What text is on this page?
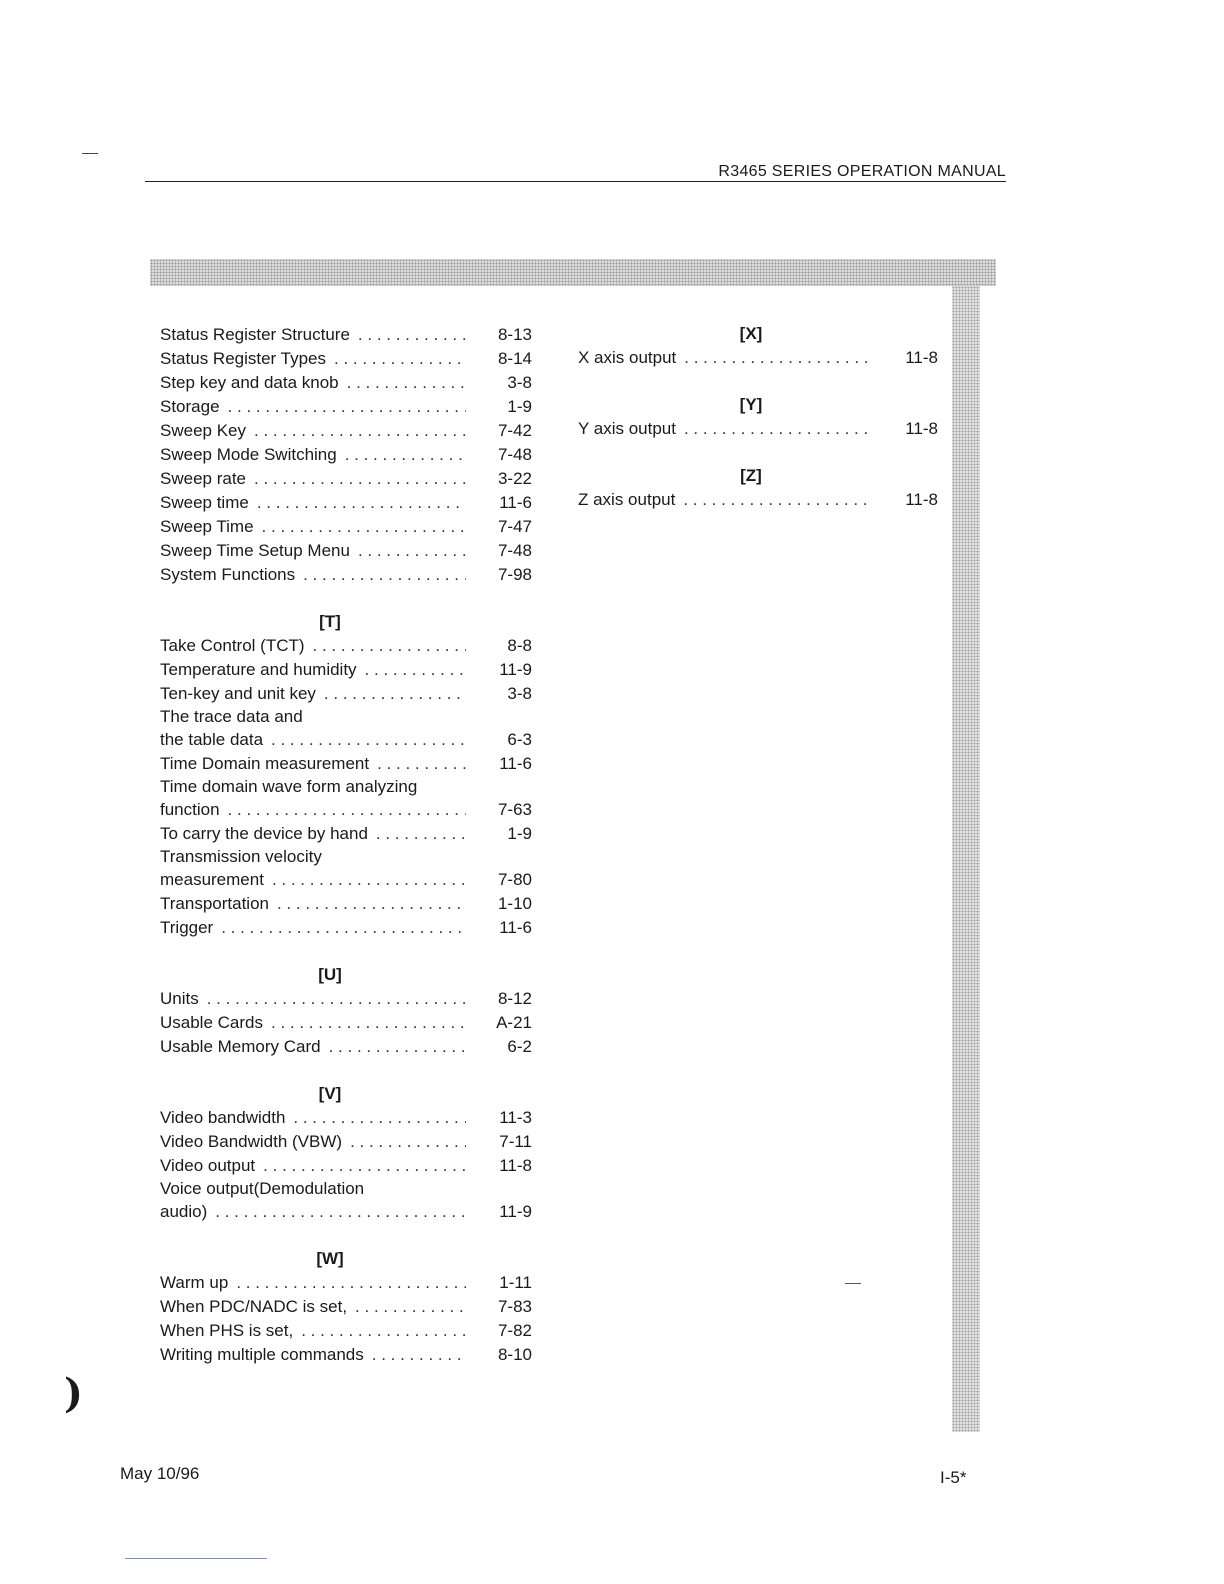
R3465 SERIES OPERATION MANUAL
)
Status Register Structure . . .	8-13
Status Register Types . . .	8-14
Step key and data knob . . .	3-8
Storage . . .	1-9
Sweep Key . . .	7-42
Sweep Mode Switching . . .	7-48
Sweep rate . . .	3-22
Sweep time . . .	11-6
Sweep Time . . .	7-47
Sweep Time Setup Menu . . .	7-48
System Functions . . .	7-98
[T]
Take Control (TCT) . . .	8-8
Temperature and humidity . . .	11-9
Ten-key and unit key . . .	3-8
The trace data and
the table data . . .	6-3
Time Domain measurement . . .	11-6
Time domain wave form analyzing
function . . .	7-63
To carry the device by hand . . .	1-9
Transmission velocity
measurement . . .	7-80
Transportation . . .	1-10
Trigger . . .	11-6
[U]
Units . . .	8-12
Usable Cards . . .	A-21
Usable Memory Card . . .	6-2
[V]
Video bandwidth . . .	11-3
Video Bandwidth (VBW) . . .	7-11
Video output . . .	11-8
Voice output(Demodulation
audio) . . .	11-9
[W]
Warm up . . .	1-11
When PDC/NADC is set, . . .	7-83
When PHS is set, . . .	7-82
Writing multiple commands . . .	8-10
[X]
X axis output . . .	11-8
[Y]
Y axis output . . .	11-8
[Z]
Z axis output . . .	11-8
May 10/96	I-5*
